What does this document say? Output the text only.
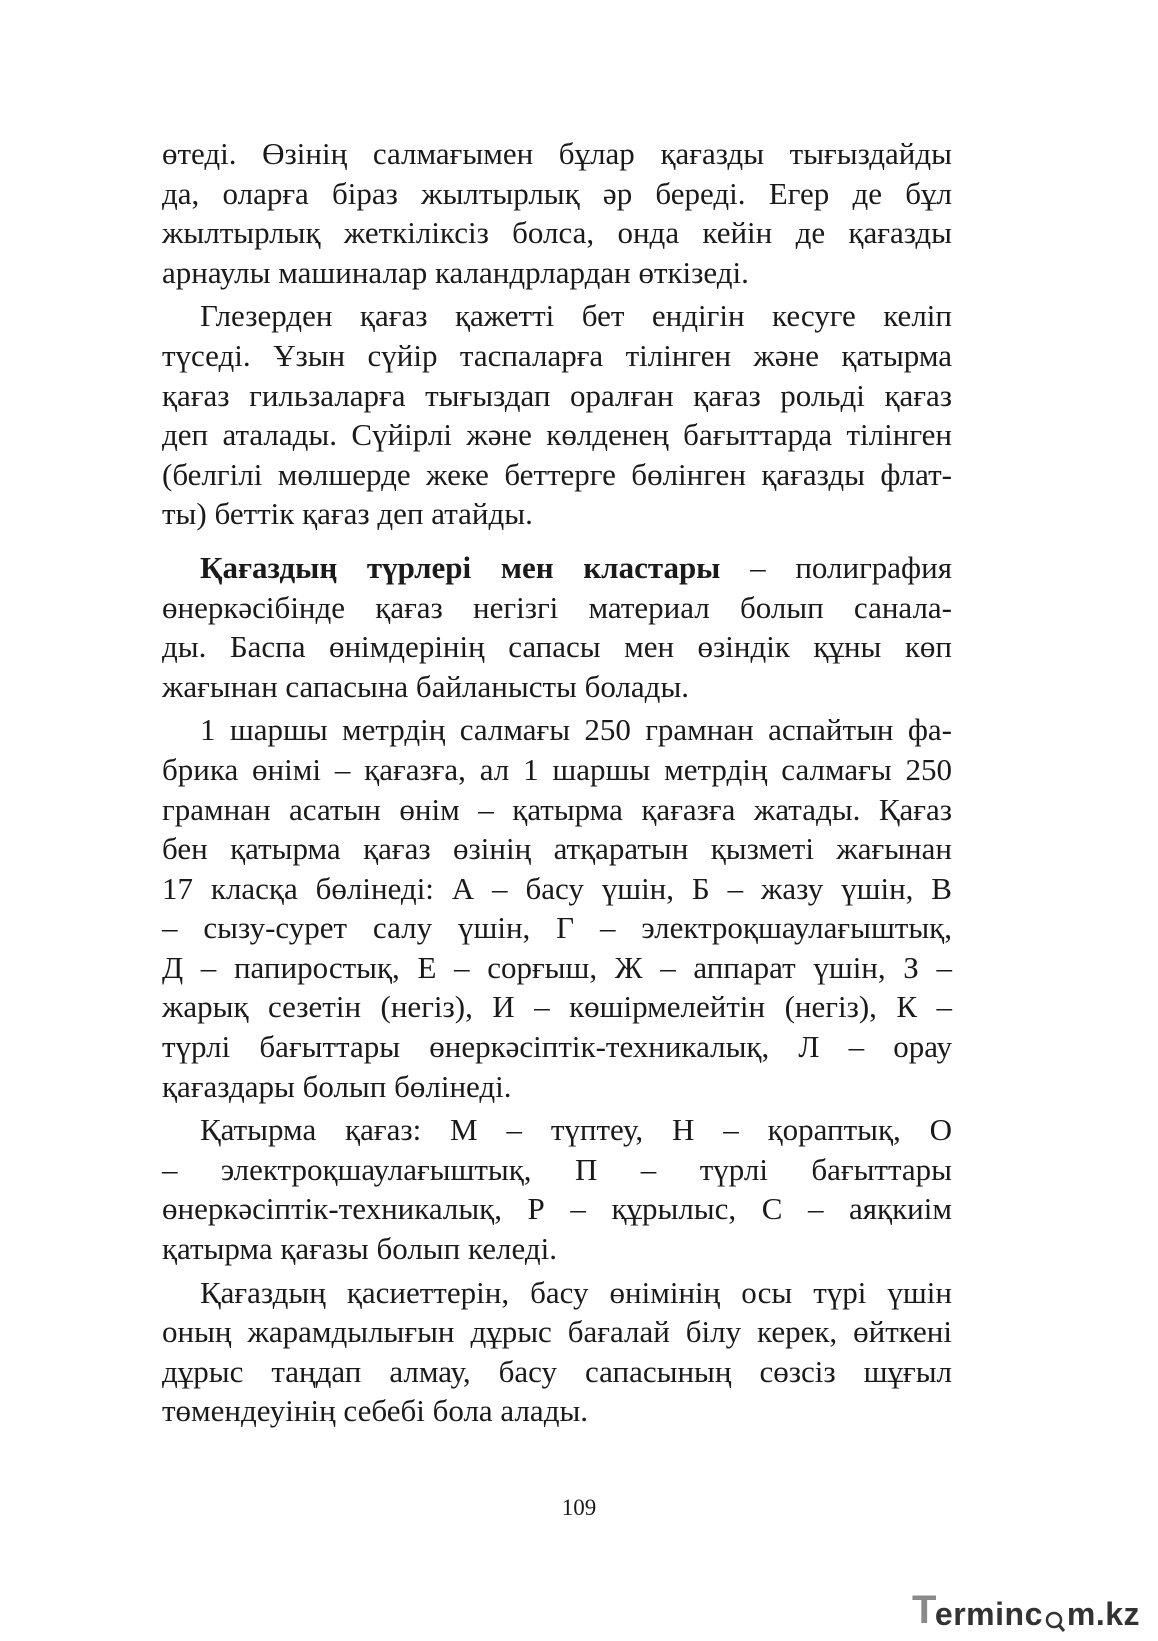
өтеді. Өзінің салмағымен бұлар қағазды тығыздайды
да, оларға біраз жылтырлық әр береді. Егер де бұл
жылтырлық жеткіліксіз болса, онда кейін де қағазды
арнаулы машиналар каландрлардан өткізеді.
Глезерден қағаз қажетті бет ендігін кесуге келіп
түседі. Ұзын сүйір таспаларға тілінген және қатырма
қағаз гильзаларға тығыздап оралған қағаз рольді қағаз
деп аталады. Сүйірлі және көлденең бағыттарда тілінген
(белгілі мөлшерде жеке беттерге бөлінген қағазды флат-
ты) беттік қағаз деп атайды.
Қағаздың түрлері мен кластары – полиграфия
өнеркәсібінде қағаз негізгі материал болып санала-
ды. Баспа өнімдерінің сапасы мен өзіндік құны көп
жағынан сапасына байланысты болады.
1 шаршы метрдің салмағы 250 грамнан аспайтын фа-
брика өнімі – қағазға, ал 1 шаршы метрдің салмағы 250
грамнан асатын өнім – қатырма қағазға жатады. Қағаз
бен қатырма қағаз өзінің атқаратын қызметі жағынан
17 класқа бөлінеді: А – басу үшін, Б – жазу үшін, В
– сызу-сурет салу үшін, Г – электроқшаулағыштық,
Д – папиростық, Е – сорғыш, Ж – аппарат үшін, З –
жарық сезетін (негіз), И – көшірмелейтін (негіз), К –
түрлі бағыттары өнеркәсіптік-техникалық, Л – орау
қағаздары болып бөлінеді.
Қатырма қағаз: М – түптеу, Н – қораптық, О
– электроқшаулағыштық, П – түрлі бағыттары
өнеркәсіптік-техникалық, Р – құрылыс, С – аяқкиім
қатырма қағазы болып келеді.
Қағаздың қасиеттерін, басу өнімінің осы түрі үшін
оның жарамдылығын дұрыс бағалай білу керек, өйткені
дұрыс таңдап алмау, басу сапасының сөзсіз шұғыл
төмендеуінің себебі бола алады.
109
T
erminc m.kz
